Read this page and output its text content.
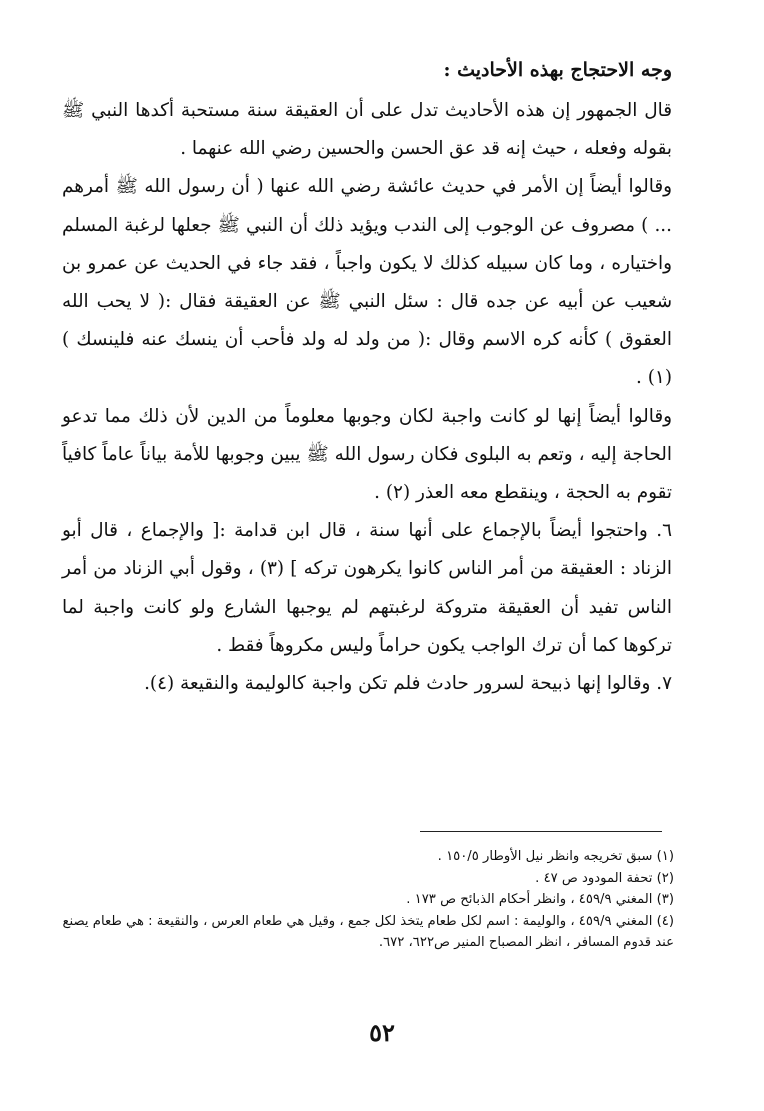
وجه الاحتجاج بهذه الأحاديث :

قال الجمهور إن هذه الأحاديث تدل على أن العقيقة سنة مستحبة أكدها النبي ﷺ بقوله وفعله ، حيث إنه قد عق الحسن والحسين رضي الله عنهما .

وقالوا أيضاً إن الأمر في حديث عائشة رضي الله عنها ( أن رسول الله ﷺ أمرهم ... ) مصروف عن الوجوب إلى الندب ويؤيد ذلك أن النبي ﷺ جعلها لرغبة المسلم واختياره ، وما كان سبيله كذلك لا يكون واجباً ، فقد جاء في الحديث عن عمرو بن شعيب عن أبيه عن جده قال : سئل النبي ﷺ عن العقيقة فقال :( لا يحب الله العقوق ) كأنه كره الاسم وقال :( من ولد له ولد فأحب أن ينسك عنه فلينسك ) (١) .

وقالوا أيضاً إنها لو كانت واجبة لكان وجوبها معلوماً من الدين لأن ذلك مما تدعو الحاجة إليه ، وتعم به البلوى فكان رسول الله ﷺ يبين وجوبها للأمة بياناً عاماً كافياً تقوم به الحجة ، وينقطع معه العذر (٢) .

٦. واحتجوا أيضاً بالإجماع على أنها سنة ، قال ابن قدامة :[ والإجماع ، قال أبو الزناد : العقيقة من أمر الناس كانوا يكرهون تركه ] (٣) ، وقول أبي الزناد من أمر الناس تفيد أن العقيقة متروكة لرغبتهم لم يوجبها الشارع ولو كانت واجبة لما تركوها كما أن ترك الواجب يكون حراماً وليس مكروهاً فقط .

٧. وقالوا إنها ذبيحة لسرور حادث فلم تكن واجبة كالوليمة والنقيعة (٤).

(١) سبق تخريجه وانظر نيل الأوطار ١٥٠/٥ .

(٢) تحفة المودود ص ٤٧ .

(٣) المغني ٤٥٩/٩ ، وانظر أحكام الذبائح ص ١٧٣ .

(٤) المغني ٤٥٩/٩ ، والوليمة : اسم لكل طعام يتخذ لكل جمع ، وقيل هي طعام العرس ، والنقيعة : هي طعام يصنع عند قدوم المسافر ، انظر المصباح المنير ص٦٢٢، ٦٧٢.

٥٢
